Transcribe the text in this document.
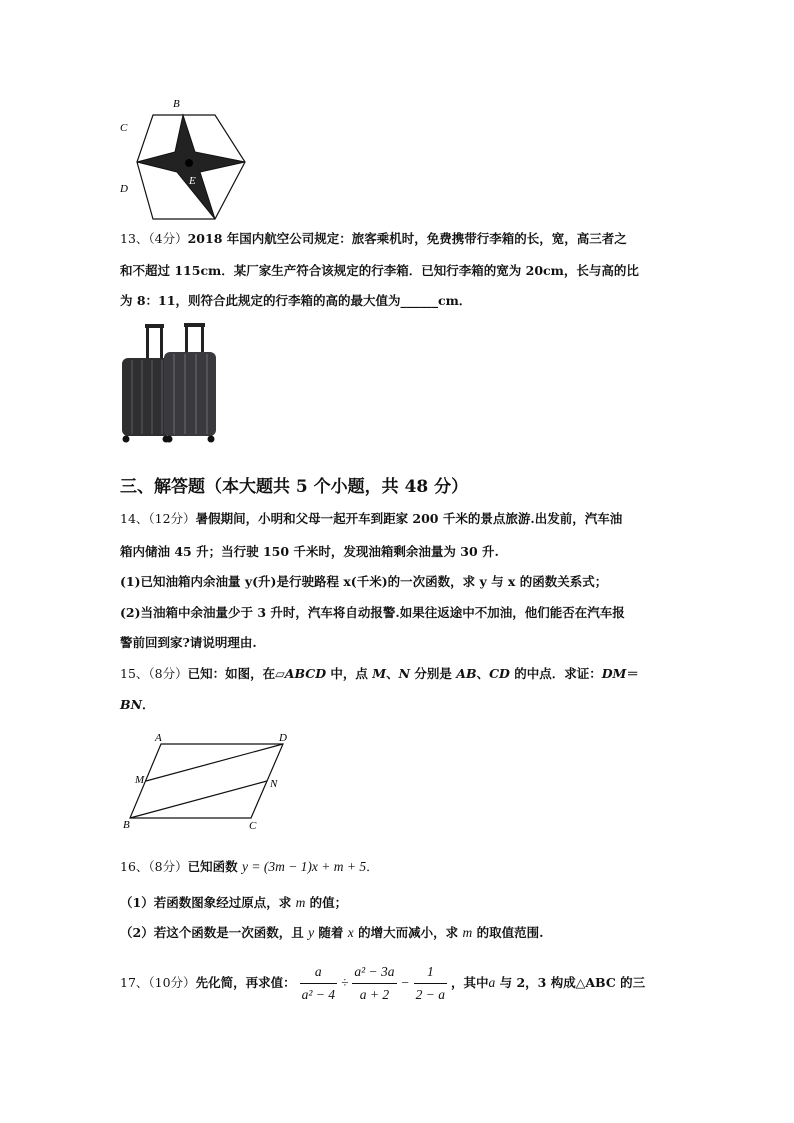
B
C
A
D
E
13、（4分）2018 年国内航空公司规定：旅客乘机时，免费携带行李箱的长，宽，高三者之
和不超过 115cm．某厂家生产符合该规定的行李箱．已知行李箱的宽为 20cm，长与高的比
为 8：11，则符合此规定的行李箱的高的最大值为______cm．
三、解答题（本大题共 5 个小题，共 48 分）
14、（12分）暑假期间，小明和父母一起开车到距家 200 千米的景点旅游.出发前，汽车油
箱内储油 45 升；当行驶 150 千米时，发现油箱剩余油量为 30 升.
(1)已知油箱内余油量 y(升)是行驶路程 x(千米)的一次函数，求 y 与 x 的函数关系式；
(2)当油箱中余油量少于 3 升时，汽车将自动报警.如果往返途中不加油，他们能否在汽车报
警前回到家?请说明理由.
15、（8分）已知：如图，在▱ABCD 中，点 M、N 分别是 AB、CD 的中点．求证：DM＝
BN．
A	D
M	N
B	C
16、（8分）已知函数 y = (3m − 1)x + m + 5．
（1）若函数图象经过原点，求 m 的值；
（2）若这个函数是一次函数，且 y 随着 x 的增大而减小，求 m 的取值范围.
17、（10分）先化简，再求值： $\frac{a}{\text{a² − 4}} \div \frac{\text{a² − 3a}}{a + 2} - \frac{1}{2 - a}$ ，其中a 与 2，3 构成△ABC 的三
